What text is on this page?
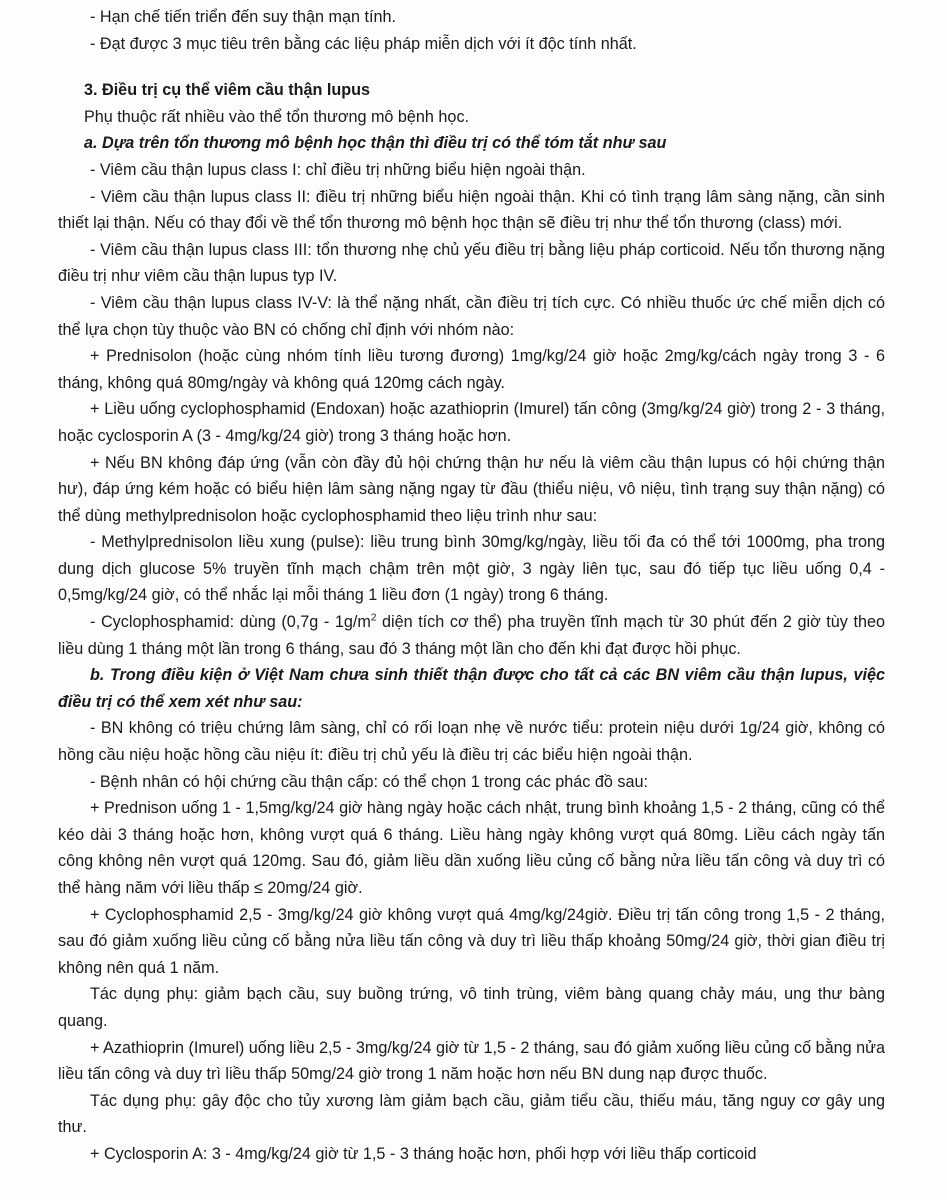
- Hạn chế tiến triển đến suy thận mạn tính.

- Đạt được 3 mục tiêu trên bằng các liệu pháp miễn dịch với ít độc tính nhất.

3. Điều trị cụ thể viêm cầu thận lupus

Phụ thuộc rất nhiều vào thể tổn thương mô bệnh học.

a. Dựa trên tổn thương mô bệnh học thận thì điều trị có thể tóm tắt như sau

- Viêm cầu thận lupus class I: chỉ điều trị những biểu hiện ngoài thận.

- Viêm cầu thận lupus class II: điều trị những biểu hiện ngoài thận. Khi có tình trạng lâm sàng nặng, cần sinh thiết lại thận. Nếu có thay đổi về thể tổn thương mô bệnh học thận sẽ điều trị như thể tổn thương (class) mới.

- Viêm cầu thận lupus class III: tổn thương nhẹ chủ yếu điều trị bằng liệu pháp corticoid. Nếu tổn thương nặng điều trị như viêm cầu thận lupus typ IV.

- Viêm cầu thận lupus class IV-V: là thể nặng nhất, cần điều trị tích cực. Có nhiều thuốc ức chế miễn dịch có thể lựa chọn tùy thuộc vào BN có chống chỉ định với nhóm nào:

+ Prednisolon (hoặc cùng nhóm tính liều tương đương) 1mg/kg/24 giờ hoặc 2mg/kg/cách ngày trong 3 - 6 tháng, không quá 80mg/ngày và không quá 120mg cách ngày.

+ Liều uống cyclophosphamid (Endoxan) hoặc azathioprin (Imurel) tấn công (3mg/kg/24 giờ) trong 2 - 3 tháng, hoặc cyclosporin A (3 - 4mg/kg/24 giờ) trong 3 tháng hoặc hơn.

+ Nếu BN không đáp ứng (vẫn còn đầy đủ hội chứng thận hư nếu là viêm cầu thận lupus có hội chứng thận hư), đáp ứng kém hoặc có biểu hiện lâm sàng nặng ngay từ đầu (thiểu niệu, vô niệu, tình trạng suy thận nặng) có thể dùng methylprednisolon hoặc cyclophosphamid theo liệu trình như sau:

- Methylprednisolon liều xung (pulse): liều trung bình 30mg/kg/ngày, liều tối đa có thể tới 1000mg, pha trong dung dịch glucose 5% truyền tĩnh mạch chậm trên một giờ, 3 ngày liên tục, sau đó tiếp tục liều uống 0,4 - 0,5mg/kg/24 giờ, có thể nhắc lại mỗi tháng 1 liều đơn (1 ngày) trong 6 tháng.

- Cyclophosphamid: dùng ($0,7g - 1g/m^2$ diện tích cơ thể) pha truyền tĩnh mạch từ 30 phút đến 2 giờ tùy theo liều dùng 1 tháng một lần trong 6 tháng, sau đó 3 tháng một lần cho đến khi đạt được hồi phục.

b. Trong điều kiện ở Việt Nam chưa sinh thiết thận được cho tất cả các BN viêm cầu thận lupus, việc điều trị có thể xem xét như sau:

- BN không có triệu chứng lâm sàng, chỉ có rối loạn nhẹ về nước tiểu: protein niệu dưới 1g/24 giờ, không có hồng cầu niệu hoặc hồng cầu niệu ít: điều trị chủ yếu là điều trị các biểu hiện ngoài thận.

- Bệnh nhân có hội chứng cầu thận cấp: có thể chọn 1 trong các phác đồ sau:

+ Prednison uống 1 - 1,5mg/kg/24 giờ hàng ngày hoặc cách nhật, trung bình khoảng 1,5 - 2 tháng, cũng có thể kéo dài 3 tháng hoặc hơn, không vượt quá 6 tháng. Liều hàng ngày không vượt quá 80mg. Liều cách ngày tấn công không nên vượt quá 120mg. Sau đó, giảm liều dần xuống liều củng cố bằng nửa liều tấn công và duy trì có thể hàng năm với liều thấp ≤ 20mg/24 giờ.

+ Cyclophosphamid 2,5 - 3mg/kg/24 giờ không vượt quá 4mg/kg/24giờ. Điều trị tấn công trong 1,5 - 2 tháng, sau đó giảm xuống liều củng cố bằng nửa liều tấn công và duy trì liều thấp khoảng 50mg/24 giờ, thời gian điều trị không nên quá 1 năm.

Tác dụng phụ: giảm bạch cầu, suy buồng trứng, vô tinh trùng, viêm bàng quang chảy máu, ung thư bàng quang.

+ Azathioprin (Imurel) uống liều 2,5 - 3mg/kg/24 giờ từ 1,5 - 2 tháng, sau đó giảm xuống liều củng cố bằng nửa liều tấn công và duy trì liều thấp 50mg/24 giờ trong 1 năm hoặc hơn nếu BN dung nạp được thuốc.

Tác dụng phụ: gây độc cho tủy xương làm giảm bạch cầu, giảm tiểu cầu, thiếu máu, tăng nguy cơ gây ung thư.

+ Cyclosporin A: 3 - 4mg/kg/24 giờ từ 1,5 - 3 tháng hoặc hơn, phối hợp với liều thấp corticoid
